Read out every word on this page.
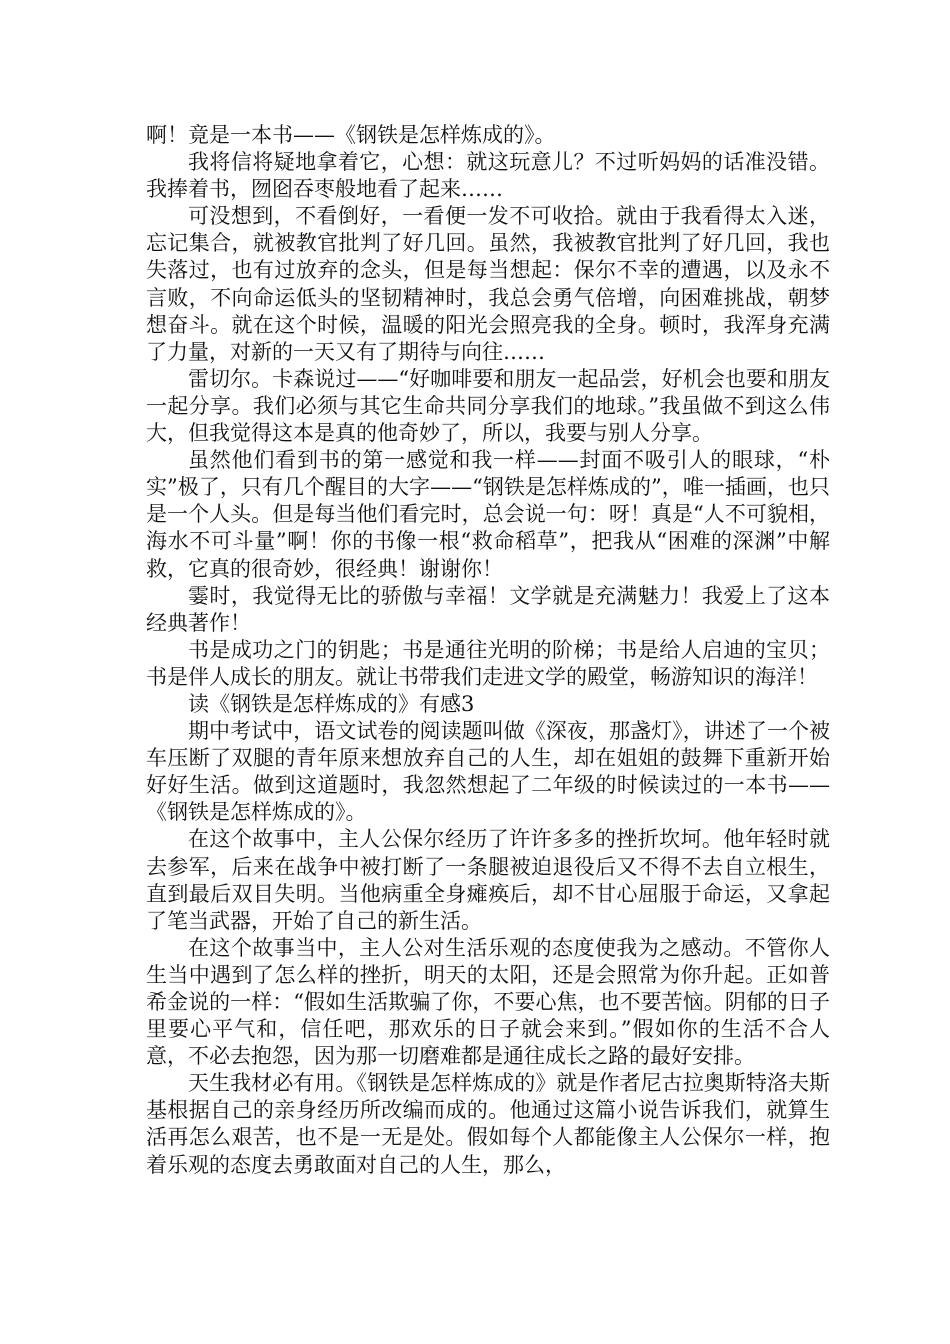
啊！竟是一本书——《钢铁是怎样炼成的》。

我将信将疑地拿着它，心想：就这玩意儿？不过听妈妈的话准没错。我捧着书，囫囵吞枣般地看了起来……

可没想到，不看倒好，一看便一发不可收拾。就由于我看得太入迷，忘记集合，就被教官批判了好几回。虽然，我被教官批判了好几回，我也失落过，也有过放弃的念头，但是每当想起：保尔不幸的遭遇，以及永不言败，不向命运低头的坚韧精神时，我总会勇气倍增，向困难挑战，朝梦想奋斗。就在这个时候，温暖的阳光会照亮我的全身。顿时，我浑身充满了力量，对新的一天又有了期待与向往……

雷切尔。卡森说过——“好咖啡要和朋友一起品尝，好机会也要和朋友一起分享。我们必须与其它生命共同分享我们的地球。”我虽做不到这么伟大，但我觉得这本是真的他奇妙了，所以，我要与别人分享。

虽然他们看到书的第一感觉和我一样——封面不吸引人的眼球，“朴实”极了，只有几个醒目的大字——“钢铁是怎样炼成的”，唯一插画，也只是一个人头。但是每当他们看完时，总会说一句：呀！真是“人不可貌相，海水不可斗量”啊！你的书像一根“救命稻草”，把我从“困难的深渊”中解救，它真的很奇妙，很经典！谢谢你！

霎时，我觉得无比的骄傲与幸福！文学就是充满魅力！我爱上了这本经典著作！

书是成功之门的钥匙；书是通往光明的阶梯；书是给人启迪的宝贝；书是伴人成长的朋友。就让书带我们走进文学的殿堂，畅游知识的海洋！

读《钢铁是怎样炼成的》有感3

期中考试中，语文试卷的阅读题叫做《深夜，那盏灯》，讲述了一个被车压断了双腿的青年原来想放弃自己的人生，却在姐姐的鼓舞下重新开始好好生活。做到这道题时，我忽然想起了二年级的时候读过的一本书——《钢铁是怎样炼成的》。

在这个故事中，主人公保尔经历了许许多多的挫折坎坷。他年轻时就去参军，后来在战争中被打断了一条腿被迫退役后又不得不去自立根生，直到最后双目失明。当他病重全身瘫痪后，却不甘心屈服于命运，又拿起了笔当武器，开始了自己的新生活。

在这个故事当中，主人公对生活乐观的态度使我为之感动。不管你人生当中遇到了怎么样的挫折，明天的太阳，还是会照常为你升起。正如普希金说的一样：“假如生活欺骗了你，不要心焦，也不要苦恼。阴郁的日子里要心平气和，信任吧，那欢乐的日子就会来到。”假如你的生活不合人意，不必去抱怨，因为那一切磨难都是通往成长之路的最好安排。

天生我材必有用。《钢铁是怎样炼成的》就是作者尼古拉奥斯特洛夫斯基根据自己的亲身经历所改编而成的。他通过这篇小说告诉我们，就算生活再怎么艰苦，也不是一无是处。假如每个人都能像主人公保尔一样，抱着乐观的态度去勇敢面对自己的人生，那么，
